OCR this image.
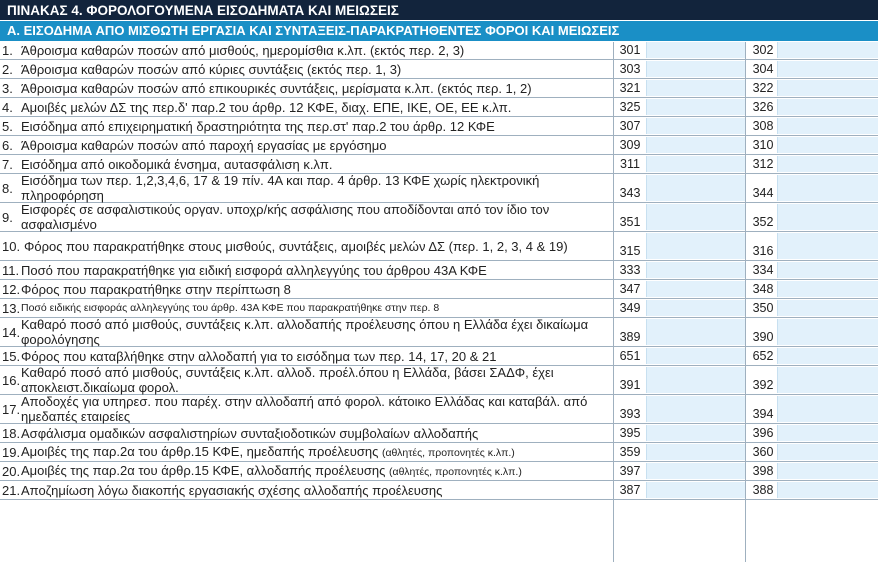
ΠΙΝΑΚΑΣ 4. ΦΟΡΟΛΟΓΟΥΜΕΝΑ ΕΙΣΟΔΗΜΑΤΑ ΚΑΙ ΜΕΙΩΣΕΙΣ
Α. ΕΙΣΟΔΗΜΑ ΑΠΟ ΜΙΣΘΩΤΗ ΕΡΓΑΣΙΑ ΚΑΙ ΣΥΝΤΑΞΕΙΣ-ΠΑΡΑΚΡΑΤΗΘΕΝΤΕΣ ΦΟΡΟΙ ΚΑΙ ΜΕΙΩΣΕΙΣ
1. Άθροισμα καθαρών ποσών από μισθούς, ημερομίσθια κ.λπ. (εκτός περ. 2, 3)	301	302
2. Άθροισμα καθαρών ποσών από κύριες συντάξεις (εκτός περ. 1, 3)	303	304
3. Άθροισμα καθαρών ποσών από επικουρικές συντάξεις, μερίσματα κ.λπ. (εκτός περ. 1, 2)	321	322
4. Αμοιβές μελών ΔΣ της περ.δ' παρ.2 του άρθρ. 12 ΚΦΕ, διαχ. ΕΠΕ, ΙΚΕ, ΟΕ, ΕΕ κ.λπ.	325	326
5. Εισόδημα από επιχειρηματική δραστηριότητα της περ.στ' παρ.2 του άρθρ. 12 ΚΦΕ	307	308
6. Άθροισμα καθαρών ποσών από παροχή εργασίας με εργόσημο	309	310
7. Εισόδημα από οικοδομικά ένσημα, αυτασφάλιση κ.λπ.	311	312
8. Εισόδημα των περ. 1,2,3,4,6, 17 & 19 πίν. 4Α και παρ. 4 άρθρ. 13 ΚΦΕ χωρίς ηλεκτρονική πληροφόρηση	343	344
9. Εισφορές σε ασφαλιστικούς οργαν. υποχρ/κής ασφάλισης που αποδίδονται από τον ίδιο τον ασφαλισμένο	351	352
10. Φόρος που παρακρατήθηκε στους μισθούς, συντάξεις, αμοιβές μελών ΔΣ (περ. 1, 2, 3, 4 & 19)	315	316
11. Ποσό που παρακρατήθηκε για ειδική εισφορά αλληλεγγύης του άρθρου 43Α ΚΦΕ	333	334
12. Φόρος που παρακρατήθηκε στην περίπτωση 8	347	348
13. Ποσό ειδικής εισφοράς αλληλεγγύης του άρθρ. 43Α ΚΦΕ που παρακρατήθηκε στην περ. 8	349	350
14. Καθαρό ποσό από μισθούς, συντάξεις κ.λπ. αλλοδαπής προέλευσης όπου η Ελλάδα έχει δικαίωμα φορολόγησης	389	390
15. Φόρος που καταβλήθηκε στην αλλοδαπή για το εισόδημα των περ. 14, 17, 20 & 21	651	652
16. Καθαρό ποσό από μισθούς, συντάξεις κ.λπ. αλλοδ. προέλ.όπου η Ελλάδα, βάσει ΣΑΔΦ, έχει αποκλειστ.δικαίωμα φορολ.	391	392
17. Αποδοχές για υπηρεσ. που παρέχ. στην αλλοδαπή από φορολ. κάτοικο Ελλάδας και καταβάλ. από ημεδαπές εταιρείες	393	394
18. Ασφάλισμα ομαδικών ασφαλιστηρίων συνταξιοδοτικών συμβολαίων αλλοδαπής	395	396
19. Αμοιβές της παρ.2α του άρθρ.15 ΚΦΕ, ημεδαπής προέλευσης (αθλητές, προπονητές κ.λπ.)	359	360
20. Αμοιβές της παρ.2α του άρθρ.15 ΚΦΕ, αλλοδαπής προέλευσης (αθλητές, προπονητές κ.λπ.)	397	398
21. Αποζημίωση λόγω διακοπής εργασιακής σχέσης αλλοδαπής προέλευσης	387	388
